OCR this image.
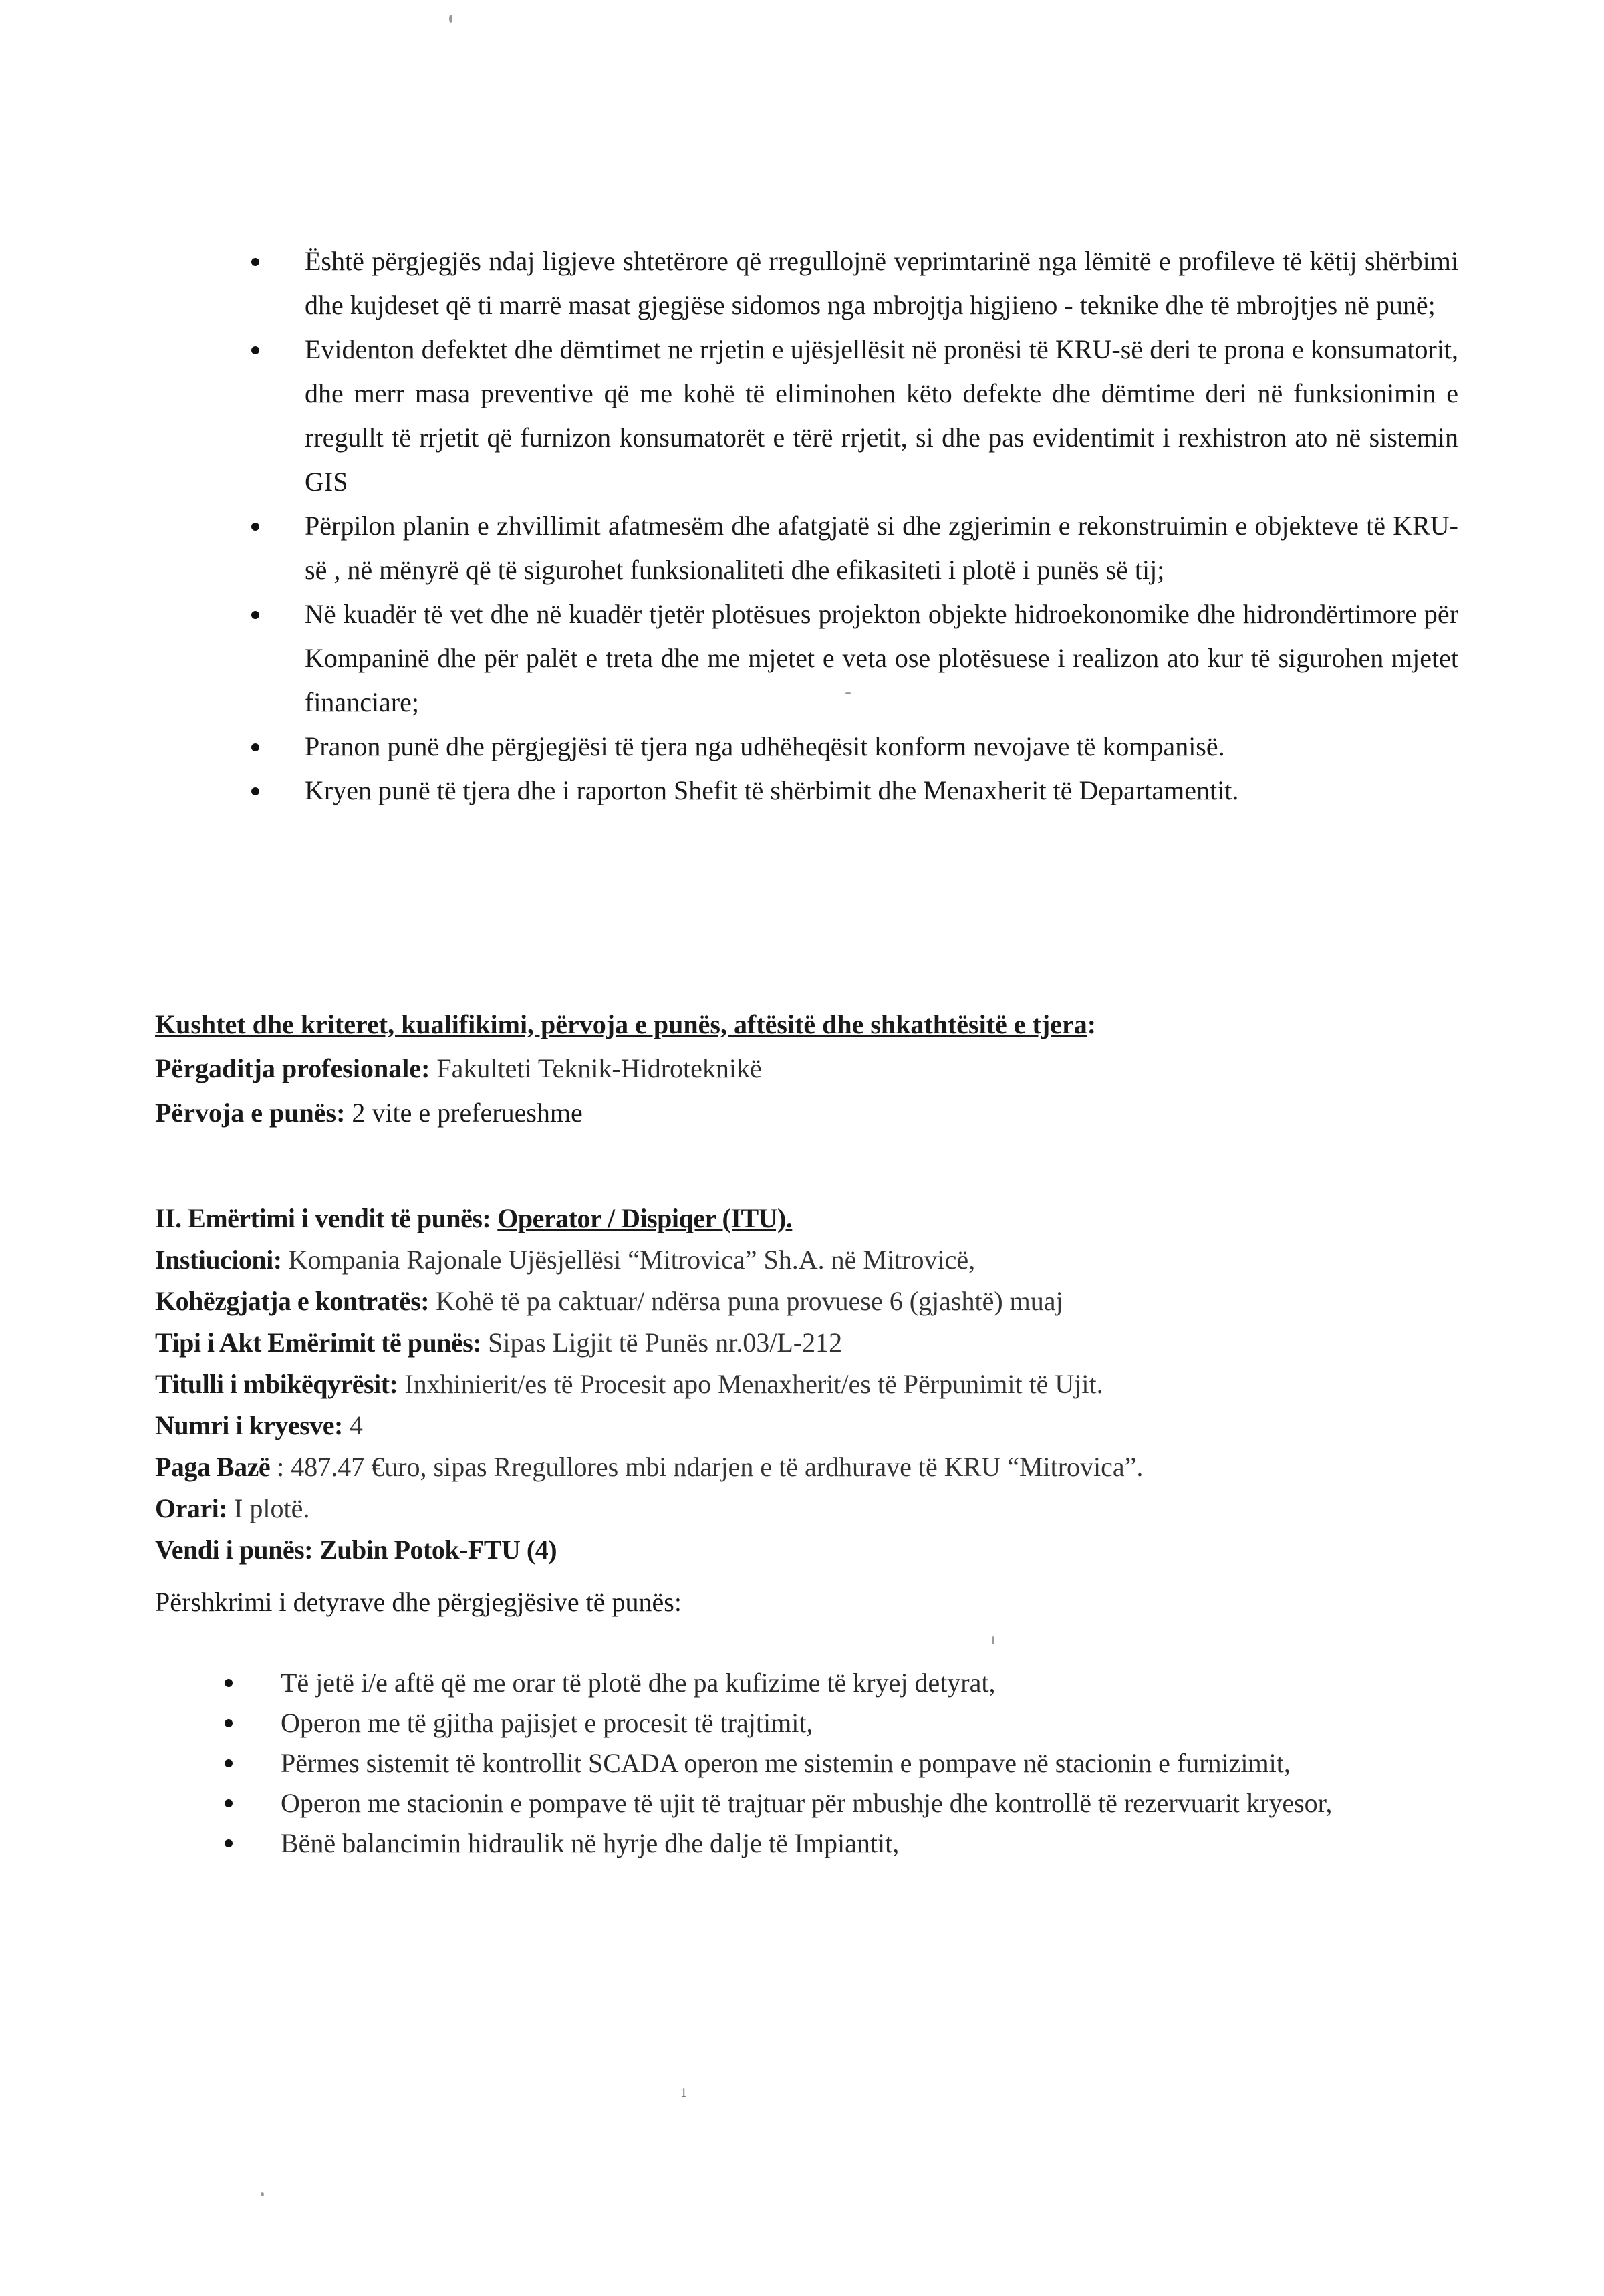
Është përgjegjës ndaj ligjeve shtetërore që rregullojnë veprimtarinë nga lëmitë e profileve të këtij shërbimi dhe kujdeset që ti marrë masat gjegjëse sidomos nga mbrojtja higjieno - teknike dhe të mbrojtjes në punë;
Evidenton defektet dhe dëmtimet ne rrjetin e ujësjellësit në pronësi të KRU-së deri te prona e konsumatorit, dhe merr masa preventive që me kohë të eliminohen këto defekte dhe dëmtime deri në funksionimin e rregullt të rrjetit që furnizon konsumatorët e tërë rrjetit, si dhe pas evidentimit i rexhistron ato në sistemin GIS
Përpilon planin e zhvillimit afatmesëm dhe afatgjatë si dhe zgjerimin e rekonstruimin e objekteve të KRU-së , në mënyrë që të sigurohet funksionaliteti dhe efikasiteti i plotë i punës së tij;
Në kuadër të vet dhe në kuadër tjetër plotësues projekton objekte hidroekonomike dhe hidrondërtimore për Kompaninë dhe për palët e treta dhe me mjetet e veta ose plotësuese i realizon ato kur të sigurohen mjetet financiare;
Pranon punë dhe përgjegjësi të tjera nga udhëheqësit konform nevojave të kompanisë.
Kryen punë të tjera dhe i raporton Shefit të shërbimit dhe Menaxherit të Departamentit.
Kushtet dhe kriteret, kualifikimi, përvoja e punës, aftësitë dhe shkathtësitë e tjera:
Përgaditja profesionale: Fakulteti Teknik-Hidroteknikë
Përvoja e punës: 2 vite e preferueshme
II. Emërtimi i vendit të punës: Operator / Dispiqer (ITU).
Instiucioni: Kompania Rajonale Ujësjellësi “Mitrovica” Sh.A. në Mitrovicë,
Kohëzgjatja e kontratës: Kohë të pa caktuar/ ndërsa puna provuese 6 (gjashtë) muaj
Tipi i Akt Emërimit të punës: Sipas Ligjit të Punës nr.03/L-212
Titulli i mbikëqyrësit: Inxhinierit/es të Procesit apo Menaxherit/es të Përpunimit të Ujit.
Numri i kryesve: 4
Paga Bazë : 487.47 €uro, sipas Rregullores mbi ndarjen e të ardhurave të KRU “Mitrovica”.
Orari: I plotë.
Vendi i punës: Zubin Potok-FTU (4)
Përshkrimi i detyrave dhe përgjegjësive të punës:
Të jetë i/e aftë që me orar të plotë dhe pa kufizime të kryej detyrat,
Operon me të gjitha pajisjet e procesit të trajtimit,
Përmes sistemit të kontrollit SCADA operon me sistemin e pompave në stacionin e furnizimit,
Operon me stacionin e pompave të ujit të trajtuar për mbushje dhe kontrollë të rezervuarit kryesor,
Bënë balancimin hidraulik në hyrje dhe dalje të Impiantit,
1
